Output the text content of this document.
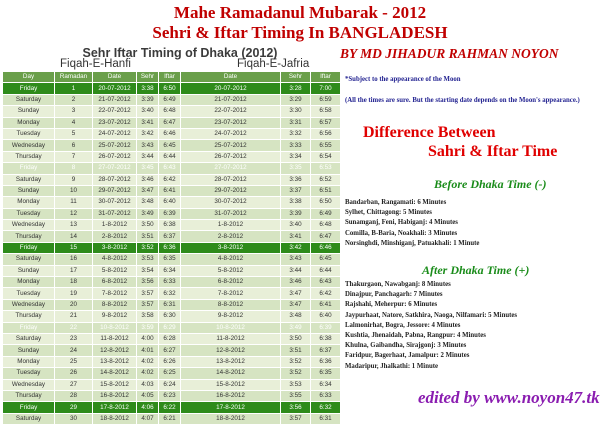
Mahe Ramadanul Mubarak - 2012
Sehri & Iftar Timing In BANGLADESH
BY MD JIHADUR RAHMAN NOYON
Sehr Iftar Timing of Dhaka (2012)
Fiqah-E-Hanfi	Fiqah-E-Jafria
Day	Ramadan	Date	Sehr	Iftar
Friday	1	20-07-2012	3:38	6:50
Saturday	2	21-07-2012	3:39	6:49
Sunday	3	22-07-2012	3:40	6:48
Monday	4	23-07-2012	3:41	6:47
Tuesday	5	24-07-2012	3:42	6:46
Wednesday	6	25-07-2012	3:43	6:45
Thursday	7	26-07-2012	3:44	6:44
Friday	8	27-07-2012	3:45	6:43
Saturday	9	28-07-2012	3:46	6:42
Sunday	10	29-07-2012	3:47	6:41
Monday	11	30-07-2012	3:48	6:40
Tuesday	12	31-07-2012	3:49	6:39
Wednesday	13	1-8-2012	3:50	6:38
Thursday	14	2-8-2012	3:51	6:37
Friday	15	3-8-2012	3:52	6:36
Saturday	16	4-8-2012	3:53	6:35
Sunday	17	5-8-2012	3:54	6:34
Monday	18	6-8-2012	3:56	6:33
Tuesday	19	7-8-2012	3:57	6:32
Wednesday	20	8-8-2012	3:57	6:31
Thursday	21	9-8-2012	3:58	6:30
Friday	22	10-8-2012	3:59	6:29
Saturday	23	11-8-2012	4:00	6:28
Sunday	24	12-8-2012	4:01	6:27
Monday	25	13-8-2012	4:02	6:26
Tuesday	26	14-8-2012	4:02	6:25
Wednesday	27	15-8-2012	4:03	6:24
Thursday	28	16-8-2012	4:05	6:23
Friday	29	17-8-2012	4:06	6:22
Saturday	30	18-8-2012	4:07	6:21
Date	Sehr	Iftar
20-07-2012	3:28	7:00
21-07-2012	3:29	6:59
22-07-2012	3:30	6:58
23-07-2012	3:31	6:57
24-07-2012	3:32	6:56
25-07-2012	3:33	6:55
26-07-2012	3:34	6:54
27-07-2012	3:35	6:53
28-07-2012	3:36	6:52
29-07-2012	3:37	6:51
30-07-2012	3:38	6:50
31-07-2012	3:39	6:49
1-8-2012	3:40	6:48
2-8-2012	3:41	6:47
3-8-2012	3:42	6:46
4-8-2012	3:43	6:45
5-8-2012	3:44	6:44
6-8-2012	3:46	6:43
7-8-2012	3:47	6:42
8-8-2012	3:47	6:41
9-8-2012	3:48	6:40
10-8-2012	3:49	6:39
11-8-2012	3:50	6:38
12-8-2012	3:51	6:37
13-8-2012	3:52	6:36
14-8-2012	3:52	6:35
15-8-2012	3:53	6:34
16-8-2012	3:55	6:33
17-8-2012	3:56	6:32
18-8-2012	3:57	6:31
*Subject to the appearance of the Moon
(All the times are sure. But the starting date depends on the Moon's appearance.)
Difference Between
Sahri & Iftar Time
Before Dhaka Time (-)
Bandarban, Rangamati: 6 Minutes
Sylhet, Chittagong: 5 Minutes
Sunamganj, Feni, Habiganj: 4 Minutes
Comilla, B-Baria, Noakhali: 3 Minutes
Norsinghdi, Minshiganj, Patuakhali: 1 Minute
After Dhaka Time (+)
Thakurgaon, Nawabganj: 8 Minutes
Dinajpur, Panchagarh: 7 Minutes
Rajshahi, Meherpur: 6 Minutes
Jaypurhaat, Natore, Satkhira, Naoga, Nilfamari: 5 Minutes
Lalmonirhat, Bogra, Jessore: 4 Minutes
Kushtia, Jhenaidah, Pabna, Rangpur: 4 Minutes
Khulna, Gaibandha, Sirajgonj: 3 Minutes
Faridpur, Bagerhaat, Jamalpur: 2 Minutes
Madaripur, Jhalkathi: 1 Minute
edited by www.noyon47.tk
